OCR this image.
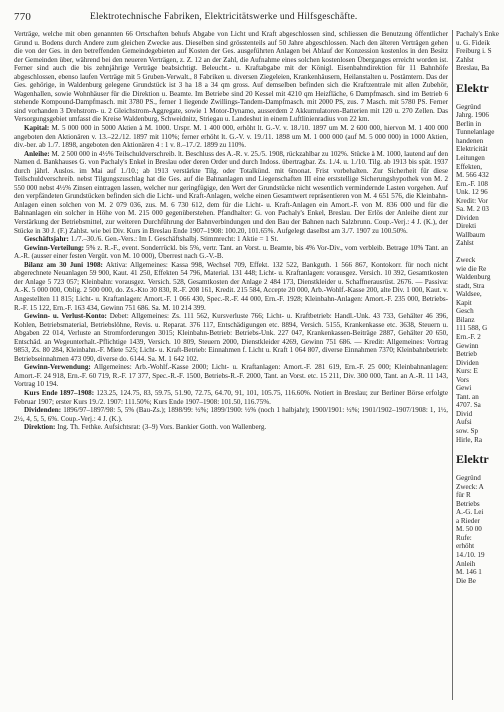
770	Elektrotechnische Fabriken, Elektricitätswerke und Hilfsgeschäfte.

Verträge, welche mit oben genannten 66 Ortschaften behufs Abgabe von Licht und Kraft abgeschlossen sind, schliessen die Benutzung öffentlicher Grund u. Bodens durch Andere zum gleichen Zwecke aus. Dieselben sind grösstenteils auf 50 Jahre abgeschlossen. Nach den älteren Verträgen gehen die von der Ges. in den betreffenden Gemeindegebieten auf Kosten der Ges. ausgeführten Anlagen bei Ablauf der Konzession kostenlos in den Besitz der Gemeinden über, während bei den neueren Verträgen, z. Z. 12 an der Zahl, die Aufnahme eines solchen kostenlosen Überganges erreicht worden ist. Ferner sind auch die bis zehnjährige Verträge beabsichtigt. Beleucht.- u. Kraftabgabe mit der Königl. Eisenbahndirektion für 11 Bahnhöfe abgeschlossen, ebenso laufen Verträge mit 5 Gruben-Verwalt., 8 Fabriken u. diversen Ziegeleien, Krankenhäusern, Heilanstalten u. Postämtern. Das der Ges. gehörige, in Waldenburg gelegene Grundstück ist 3 ha 18 a 34 qm gross. Auf demselben befinden sich die Kraftzentrale mit allen Zubehör, Wagenhallen, sowie Wohnhäuser für die Direktion u. Beamte. Im Betriebe sind 20 Kessel mit 4210 qm Heizfläche, 6 Dampfmasch. sind im Betrieb 6 stehende Kompound-Dampfmasch. mit 3780 PS., ferner 1 liegende Zwillings-Tandem-Dampfmasch. mit 2000 PS, zus. 7 Masch. mit 5780 PS. Ferner sind vorhanden 3 Drehstrom- u. 2 Gleichstrom-Aggregate, sowie 1 Motor-Dynamo, ausserdem 2 Akkumulatoren-Batterien mit 120 u. 270 Zellen. Das Versorgungsgebiet umfasst die Kreise Waldenburg, Schweidnitz, Striegau u. Landeshut in einem Luftlinienradius von 22 km.

Kapital: M. 5 000 000 in 5000 Aktien à M. 1000. Urspr. M. 1 400 000, erhöht lt. G.-V. v. 18./10. 1897 um M. 2 600 000, hiervon M. 1 400 000 angeboten den Aktionären v. 13.–22./12. 1897 mit 110%; ferner erhöht lt. G.-V. v. 19./11. 1898 um M. 1 000 000 (auf M. 5 000 000) in 1000 Aktien, div.-ber. ab 1./7. 1898, angeboten den Aktionären 4 : 1 v. 8.–17./2. 1899 zu 110%.

Anleihe: M. 2 500 000 in 4½% Teilschuldverschreib. lt. Beschluss des A.-R. v. 25./5. 1908, rückzahlbar zu 102%. Stücke à M. 1000, lautend auf den Namen d. Bankhauses G. von Pachaly's Enkel in Breslau oder deren Order und durch Indoss. übertragbar. Zs. 1./4. u. 1./10. Tilg. ab 1913 bis spät. 1937 durch jährl. Auslos. im Mai auf 1./10.; ab 1913 verstärkte Tilg. oder Totalkünd. mit 6monat. Frist vorbehalten. Zur Sicherheit für diese Teilschuldverschreib. nebst Tilgungszuschlag hat die Ges. auf die Bahnanlagen und Liegenschaften III eine erststellige Sicherungshypothek von M. 2 550 000 nebst 4½% Zinsen eintragen lassen, welcher nur geringfügige, den Wert der Grundstücke nicht wesentlich vermindernde Lasten vorgehen. Auf den verpfändeten Grundstücken befinden sich die Licht- und Kraft-Anlagen, welche einen Gesamtwert repräsentieren von M. 4 651 576, die Kleinbahn-Anlagen einen solchen von M. 2 079 036, zus. M. 6 730 612, dem für die Licht- u. Kraft-Anlagen ein Amort.-F. von M. 836 000 und für die Bahnanlagen ein solcher in Höhe von M. 215 000 gegenüberstehen. Pfandhalter: G. von Pachaly's Enkel, Breslau. Der Erlös der Anleihe dient zur Verstärkung der Betriebsmittel, zur weiteren Durchführung der Bahnverbindungen und den Bau der Bahnen nach Salzbrunn. Coup.-Verj.: 4 J. (K.), der Stücke in 30 J. (F.) Zahlst. wie bei Div. Kurs in Breslau Ende 1907–1908: 100.20, 101.65%. Aufgelegt daselbst am 3./7. 1907 zu 100.50%.

Geschäftsjahr: 1./7.–30./6. Gen.-Vers.: Im I. Geschäftshalbj. Stimmrecht: 1 Aktie = 1 St.

Gewinn-Verteilung: 5% z. R.-F., event. Sonderrückl. bis 5%, vertr. Tant. an Vorst. u. Beamte, bis 4% Vor-Div., vom verbleib. Betrage 10% Tant. an A.-R. (ausser einer festen Vergüt. von M. 10 000), Überrest nach G.-V.-B.

Bilanz am 30 Juni 1908: Aktiva: Allgemeines: Kassa 998, Wechsel 709, Effekt. 132 522, Bankguth. 1 566 867, Kontokorr. für noch nicht abgerechnete Neuanlagen 59 900, Kaut. 41 250, Effekten 54 796, Material. 131 448; Licht- u. Kraftanlagen: vorausgez. Versich. 10 392, Gesamtkosten der Anlage 5 723 057; Kleinbahn: vorausgez. Versich. 528, Gesamtkosten der Anlage 2 484 173, Dienstkleider u. Schaffnerausrüst. 2676. — Passiva: A.-K. 5 000 000, Oblig. 2 500 000, do. Zs.-Kto 30 830, R.-F. 208 161, Kredit. 215 584, Accepte 20 000, Arb.-Wohlf.-Kasse 200, alte Div. 1 000, Kaut. v. Angestellten 11 815; Licht- u. Kraftanlagen: Amort.-F. 1 066 430, Spec.-R.-F. 44 000, Ern.-F. 1928; Kleinbahn-Anlagen: Amort.-F. 235 000, Betriebs-R.-F. 15 122, Ern.-F. 163 434, Gewinn 751 686. Sa. M. 10 214 399.

Gewinn- u. Verlust-Konto: Debet: Allgemeines: Zs. 111 562, Kursverluste 766; Licht- u. Kraftbetrieb: Handl.-Unk. 43 733, Gehälter 46 396, Kohlen, Betriebsmaterial, Betriebslöhne, Revis. u. Reparat. 376 117, Entschädigungen etc. 8894, Versich. 5155, Krankenkasse etc. 3638, Steuern u. Abgaben 22 014, Verluste an Stromforderungen 3015; Kleinbahn-Betrieb: Betriebs-Unk. 227 047, Krankenkassen-Beiträge 2887, Gehälter 20 650, Entschäd. an Wegeunterhalt.-Pflichtige 1439, Versich. 10 809, Steuern 2000, Dienstkleider 4269, Gewinn 751 686. — Kredit: Allgemeines: Vortrag 9853, Zs. 80 284, Kleinbahn.-F. Miete 525; Licht- u. Kraft-Betrieb: Einnahmen f. Licht u. Kraft 1 064 807, diverse Einnahmen 7370; Kleinbahnbetrieb: Betriebseinnahmen 473 090, diverse do. 6144. Sa. M. 1 642 102.

Gewinn-Verwendung: Allgemeines: Arb.-Wohlf.-Kasse 2000; Licht- u. Kraftanlagen: Amort.-F. 281 619, Ern.-F. 25 000; Kleinbahnanlagen: Amort.-F. 24 918, Ern.-F. 60 719, R.-F. 17 377, Spec.-R.-F. 1500, Betriebs-R.-F. 2000, Tant. an Vorst. etc. 15 211, Div. 300 000, Tant. an A.-R. 11 143, Vortrag 10 194.

Kurs Ende 1897–1908: 123.25, 124.75, 83, 59.75, 51.90, 72.75, 64.70, 91, 101, 105.75, 116.60%. Notiert in Breslau; zur Berliner Börse erfolgte Februar 1907; erster Kurs 19./2. 1907: 111.50%; Kurs Ende 1907–1908: 101.50, 116.75%.

Dividenden: 1896/97–1897/98: 5, 5% (Bau-Zs.); 1898/99: ½%; 1899/1900: ½% (noch 1 halbjahr); 1900/1901: ½%; 1901/1902–1907/1908: 1, 1½, 2½, 4, 5, 5, 6%. Coup.-Verj.: 4 J. (K.).

Direktion: Ing. Th. Fethke. Aufsichtsrat: (3–9) Vors. Bankier Gotth. von Wallenberg.

Pachaly's Enke
u. G. Fideik
Freiburg i. S
Zahlst
Breslau, Ba
Elektr
Gegründ
Jahrg. 1906
Berlin in
Tunnelanlage
handenen
Elektricität
Leitungen
Effekten,
M. 566 432
Ern.-F. 108
Unk. 12 96
Kredit: Vor
Sa. M. 2 03
Dividen
Direkti
Wallbaum
Zahlst
Zweck
wie die Re
Waldenburg
stadt, Stra
Waldsee,
Kapit
Gesch
Bilanz
111 588, G
Ern.-F. 2
Gewinn
Betrieb
Dividen
Kurs: E
Vors
Gewi
Tant. an
4707. Sa
Divid
Aufsi
sow. Sp
Hirle, Ra
Elektr
Gegründ
Zweck: A
für R
Betriebs
A.-G. Lei
a Rieder
M. 50 00
Rufe:
erhöht
14./10. 19
Anleih
M. 146 1
Die Be
